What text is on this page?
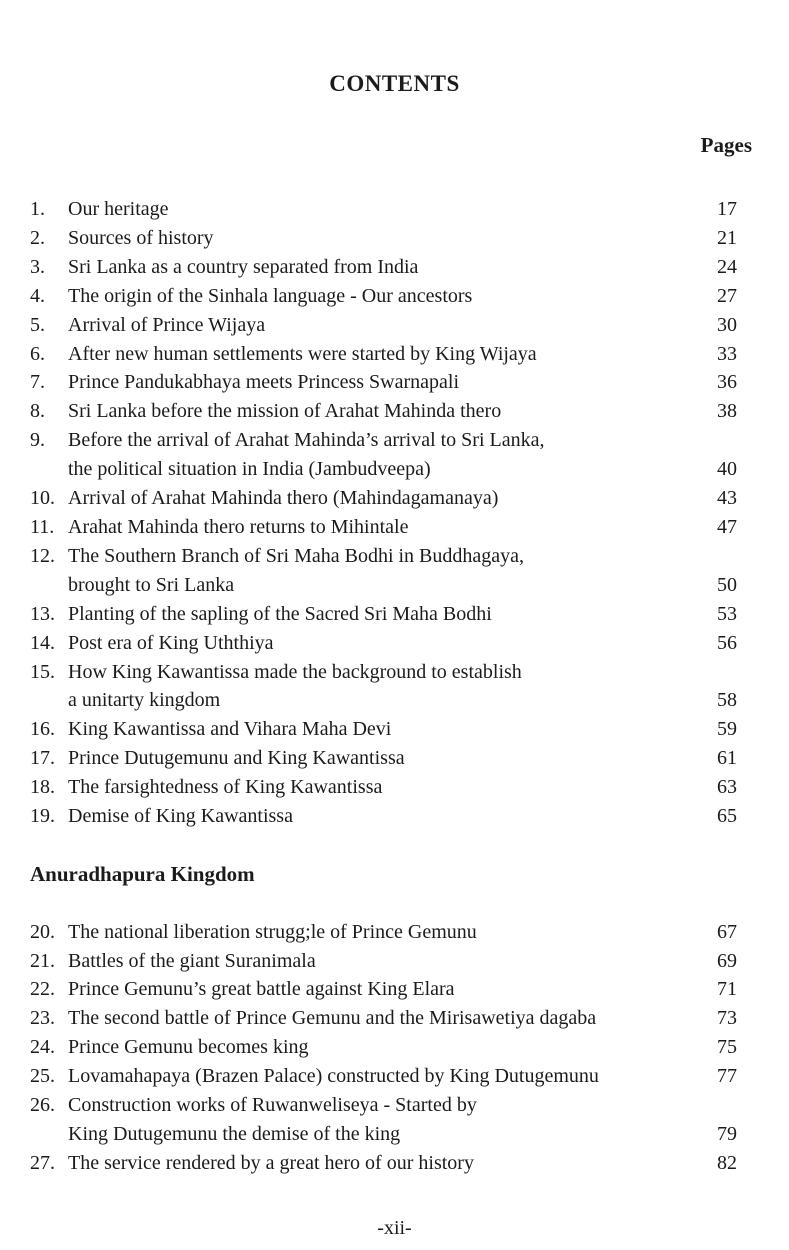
CONTENTS
Pages
1.	Our heritage	17
2.	Sources of history	21
3.	Sri Lanka as a country separated from India	24
4.	The origin of the Sinhala language - Our ancestors	27
5.	Arrival of Prince Wijaya	30
6.	After new human settlements were started by King Wijaya	33
7.	Prince Pandukabhaya meets Princess Swarnapali	36
8.	Sri Lanka before the mission of Arahat Mahinda thero	38
9.	Before the arrival of Arahat Mahinda’s arrival to Sri Lanka,
the political situation in India (Jambudveepa)	40
10. Arrival of Arahat Mahinda thero (Mahindagamanaya)	43
11. Arahat Mahinda thero returns to Mihintale	47
12. The Southern Branch of Sri Maha Bodhi in Buddhagaya,
brought to Sri Lanka	50
13. Planting of the sapling of the Sacred Sri Maha Bodhi	53
14. Post era of King Uththiya	56
15. How King Kawantissa made the background to establish
a unitarty kingdom	58
16. King Kawantissa and Vihara Maha Devi	59
17. Prince Dutugemunu and King Kawantissa	61
18. The farsightedness of King Kawantissa	63
19. Demise of King Kawantissa	65
Anuradhapura Kingdom
20. The national liberation strugg;le of Prince Gemunu	67
21. Battles of the giant Suranimala	69
22. Prince Gemunu’s great battle against King Elara	71
23. The second battle of Prince Gemunu and the Mirisawetiya dagaba	73
24. Prince Gemunu becomes king	75
25. Lovamahapaya (Brazen Palace) constructed by King Dutugemunu	77
26. Construction works of Ruwanweliseya - Started by
King Dutugemunu the demise of the king	79
27. The service rendered by a great hero of our history	82
-xii-
